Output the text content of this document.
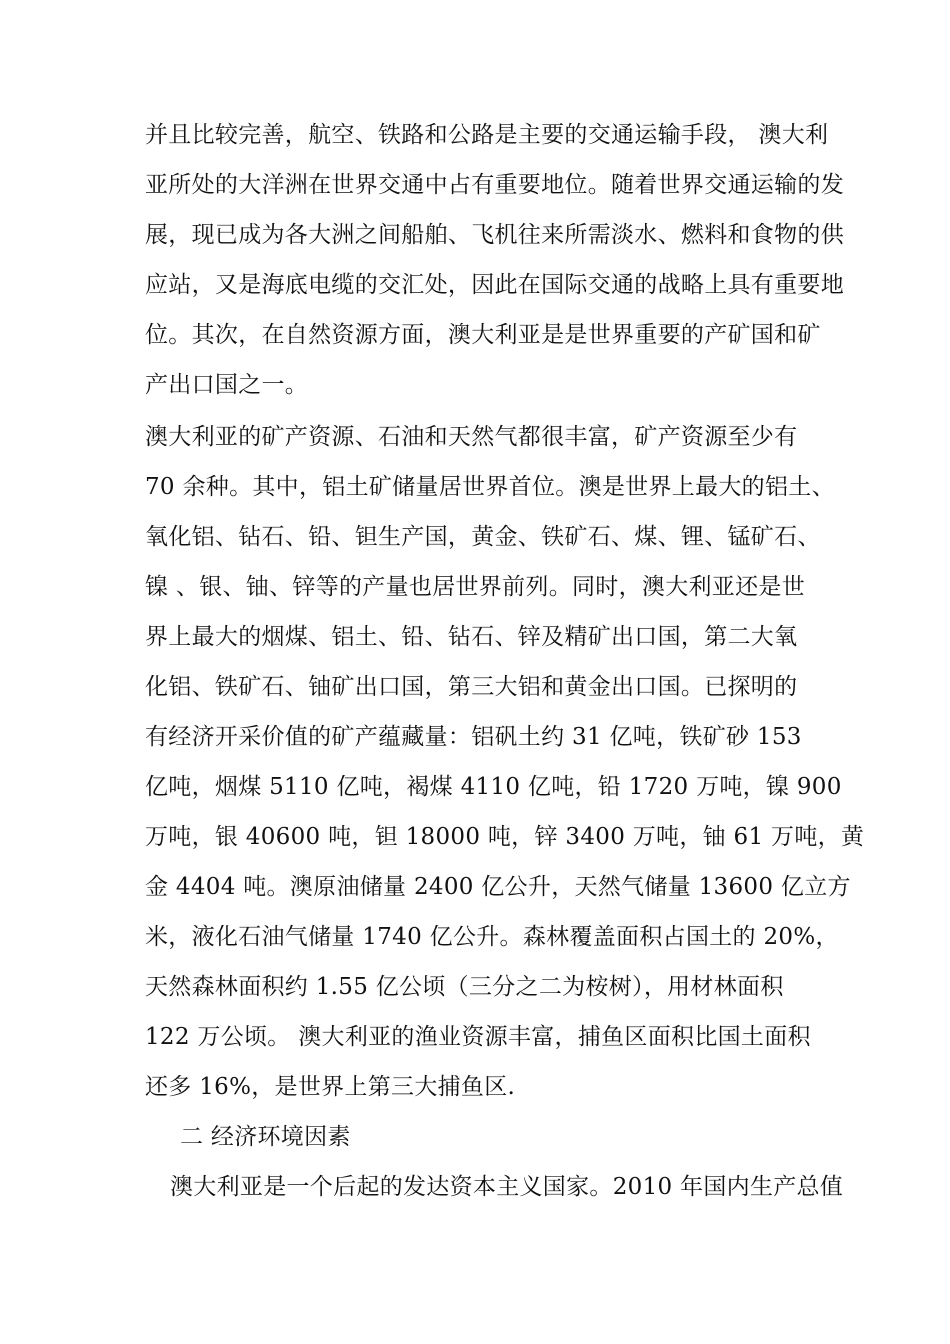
并且比较完善，航空、铁路和公路是主要的交通运输手段， 澳大利
亚所处的大洋洲在世界交通中占有重要地位。随着世界交通运输的发
展，现已成为各大洲之间船舶、飞机往来所需淡水、燃料和食物的供
应站，又是海底电缆的交汇处，因此在国际交通的战略上具有重要地
位。其次，在自然资源方面，澳大利亚是是世界重要的产矿国和矿
产出口国之一。
澳大利亚的矿产资源、石油和天然气都很丰富，矿产资源至少有
70 余种。其中，铝土矿储量居世界首位。澳是世界上最大的铝土、
氧化铝、钻石、铅、钽生产国，黄金、铁矿石、煤、锂、锰矿石、
镍 、银、铀、锌等的产量也居世界前列。同时，澳大利亚还是世
界上最大的烟煤、铝土、铅、钻石、锌及精矿出口国，第二大氧
化铝、铁矿石、铀矿出口国，第三大铝和黄金出口国。已探明的
有经济开采价值的矿产蕴藏量：铝矾土约 31 亿吨，铁矿砂 153
亿吨，烟煤 5110 亿吨，褐煤 4110 亿吨，铅 1720 万吨，镍 900
万吨，银 40600 吨，钽 18000 吨，锌 3400 万吨，铀 61 万吨，黄
金 4404 吨。澳原油储量 2400 亿公升，天然气储量 13600 亿立方
米，液化石油气储量 1740 亿公升。森林覆盖面积占国土的 20%，
天然森林面积约 1.55 亿公顷（三分之二为桉树），用材林面积
122 万公顷。 澳大利亚的渔业资源丰富，捕鱼区面积比国土面积
还多 16%，是世界上第三大捕鱼区.
二 经济环境因素
澳大利亚是一个后起的发达资本主义国家。2010 年国内生产总值
